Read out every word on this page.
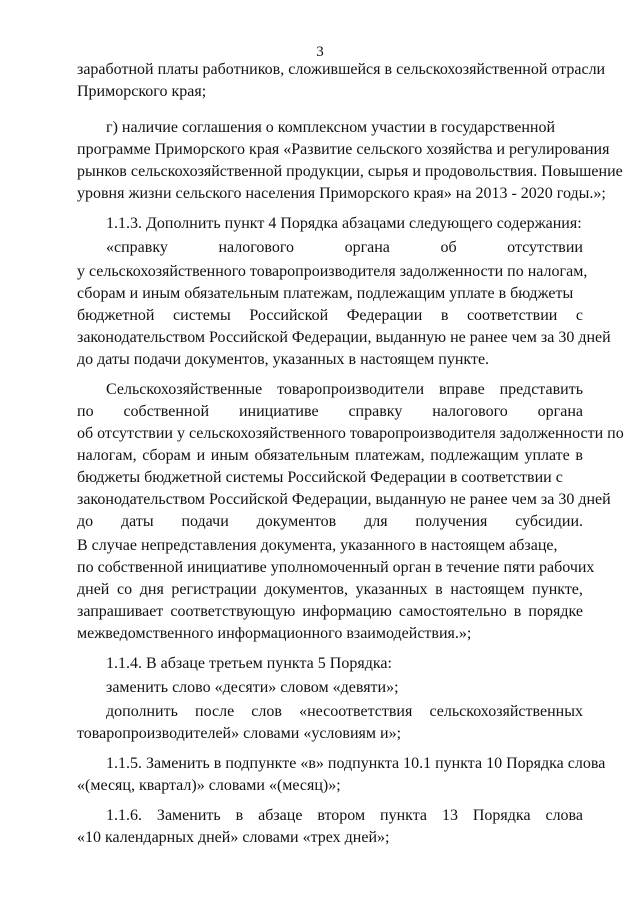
3
заработной платы работников, сложившейся в сельскохозяйственной отрасли
Приморского края;
г) наличие соглашения о комплексном участии в государственной
программе Приморского края «Развитие сельского хозяйства и регулирования
рынков сельскохозяйственной продукции, сырья и продовольствия. Повышение
уровня жизни сельского населения Приморского края» на 2013 - 2020 годы.»;
1.1.3. Дополнить пункт 4 Порядка абзацами следующего содержания:
«справку	налогового	органа	об	отсутствии
у сельскохозяйственного товаропроизводителя задолженности по налогам,
сборам и иным обязательным платежам, подлежащим уплате в бюджеты
бюджетной системы Российской Федерации в соответствии с
законодательством Российской Федерации, выданную не ранее чем за 30 дней
до даты подачи документов, указанных в настоящем пункте.
Сельскохозяйственные товаропроизводители вправе представить
по собственной инициативе справку налогового органа
об отсутствии у сельскохозяйственного товаропроизводителя задолженности по
налогам, сборам и иным обязательным платежам, подлежащим уплате в
бюджеты бюджетной системы Российской Федерации в соответствии с
законодательством Российской Федерации, выданную не ранее чем за 30 дней
до даты подачи документов для получения субсидии.
В случае непредставления документа, указанного в настоящем абзаце,
по собственной инициативе уполномоченный орган в течение пяти рабочих
дней со дня регистрации документов, указанных в настоящем пункте,
запрашивает соответствующую информацию самостоятельно в порядке
межведомственного информационного взаимодействия.»;
1.1.4. В абзаце третьем пункта 5 Порядка:
заменить слово «десяти» словом «девяти»;
дополнить после слов «несоответствия сельскохозяйственных
товаропроизводителей» словами «условиям и»;
1.1.5. Заменить в подпункте «в» подпункта 10.1 пункта 10 Порядка слова
«(месяц, квартал)» словами «(месяц)»;
1.1.6. Заменить в абзаце втором пункта 13 Порядка слова
«10 календарных дней» словами «трех дней»;
